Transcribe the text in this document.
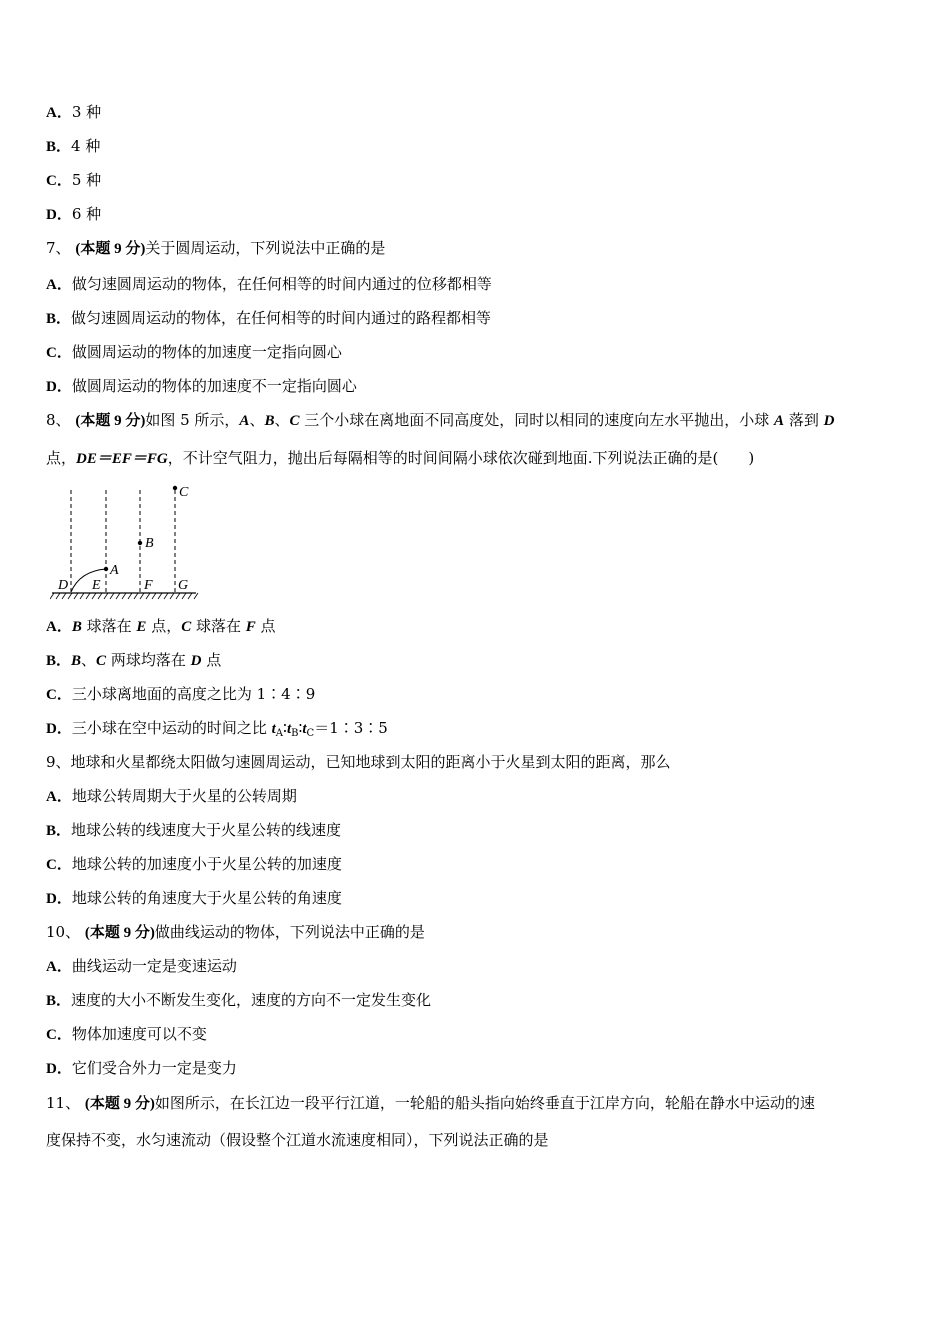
A．3 种
B．4 种
C．5 种
D．6 种
7、 (本题 9 分)关于圆周运动，下列说法中正确的是
A．做匀速圆周运动的物体，在任何相等的时间内通过的位移都相等
B．做匀速圆周运动的物体，在任何相等的时间内通过的路程都相等
C．做圆周运动的物体的加速度一定指向圆心
D．做圆周运动的物体的加速度不一定指向圆心
8、 (本题 9 分)如图 5 所示，A、B、C 三个小球在离地面不同高度处，同时以相同的速度向左水平抛出，小球 A 落到 D
点，DE＝EF＝FG，不计空气阻力，抛出后每隔相等的时间间隔小球依次碰到地面.下列说法正确的是(　　)
A
B
C
D E	F G
A．B 球落在 E 点，C 球落在 F 点
B．B、C 两球均落在 D 点
C．三小球离地面的高度之比为 1∶4∶9
D．三小球在空中运动的时间之比 $t_A∶t_B∶t_C=1∶3∶5$
9、地球和火星都绕太阳做匀速圆周运动，已知地球到太阳的距离小于火星到太阳的距离，那么
A．地球公转周期大于火星的公转周期
B．地球公转的线速度大于火星公转的线速度
C．地球公转的加速度小于火星公转的加速度
D．地球公转的角速度大于火星公转的角速度
10、 (本题 9 分)做曲线运动的物体，下列说法中正确的是
A．曲线运动一定是变速运动
B．速度的大小不断发生变化，速度的方向不一定发生变化
C．物体加速度可以不变
D．它们受合外力一定是变力
11、 (本题 9 分)如图所示，在长江边一段平行江道，一轮船的船头指向始终垂直于江岸方向，轮船在静水中运动的速
度保持不变，水匀速流动（假设整个江道水流速度相同），下列说法正确的是
